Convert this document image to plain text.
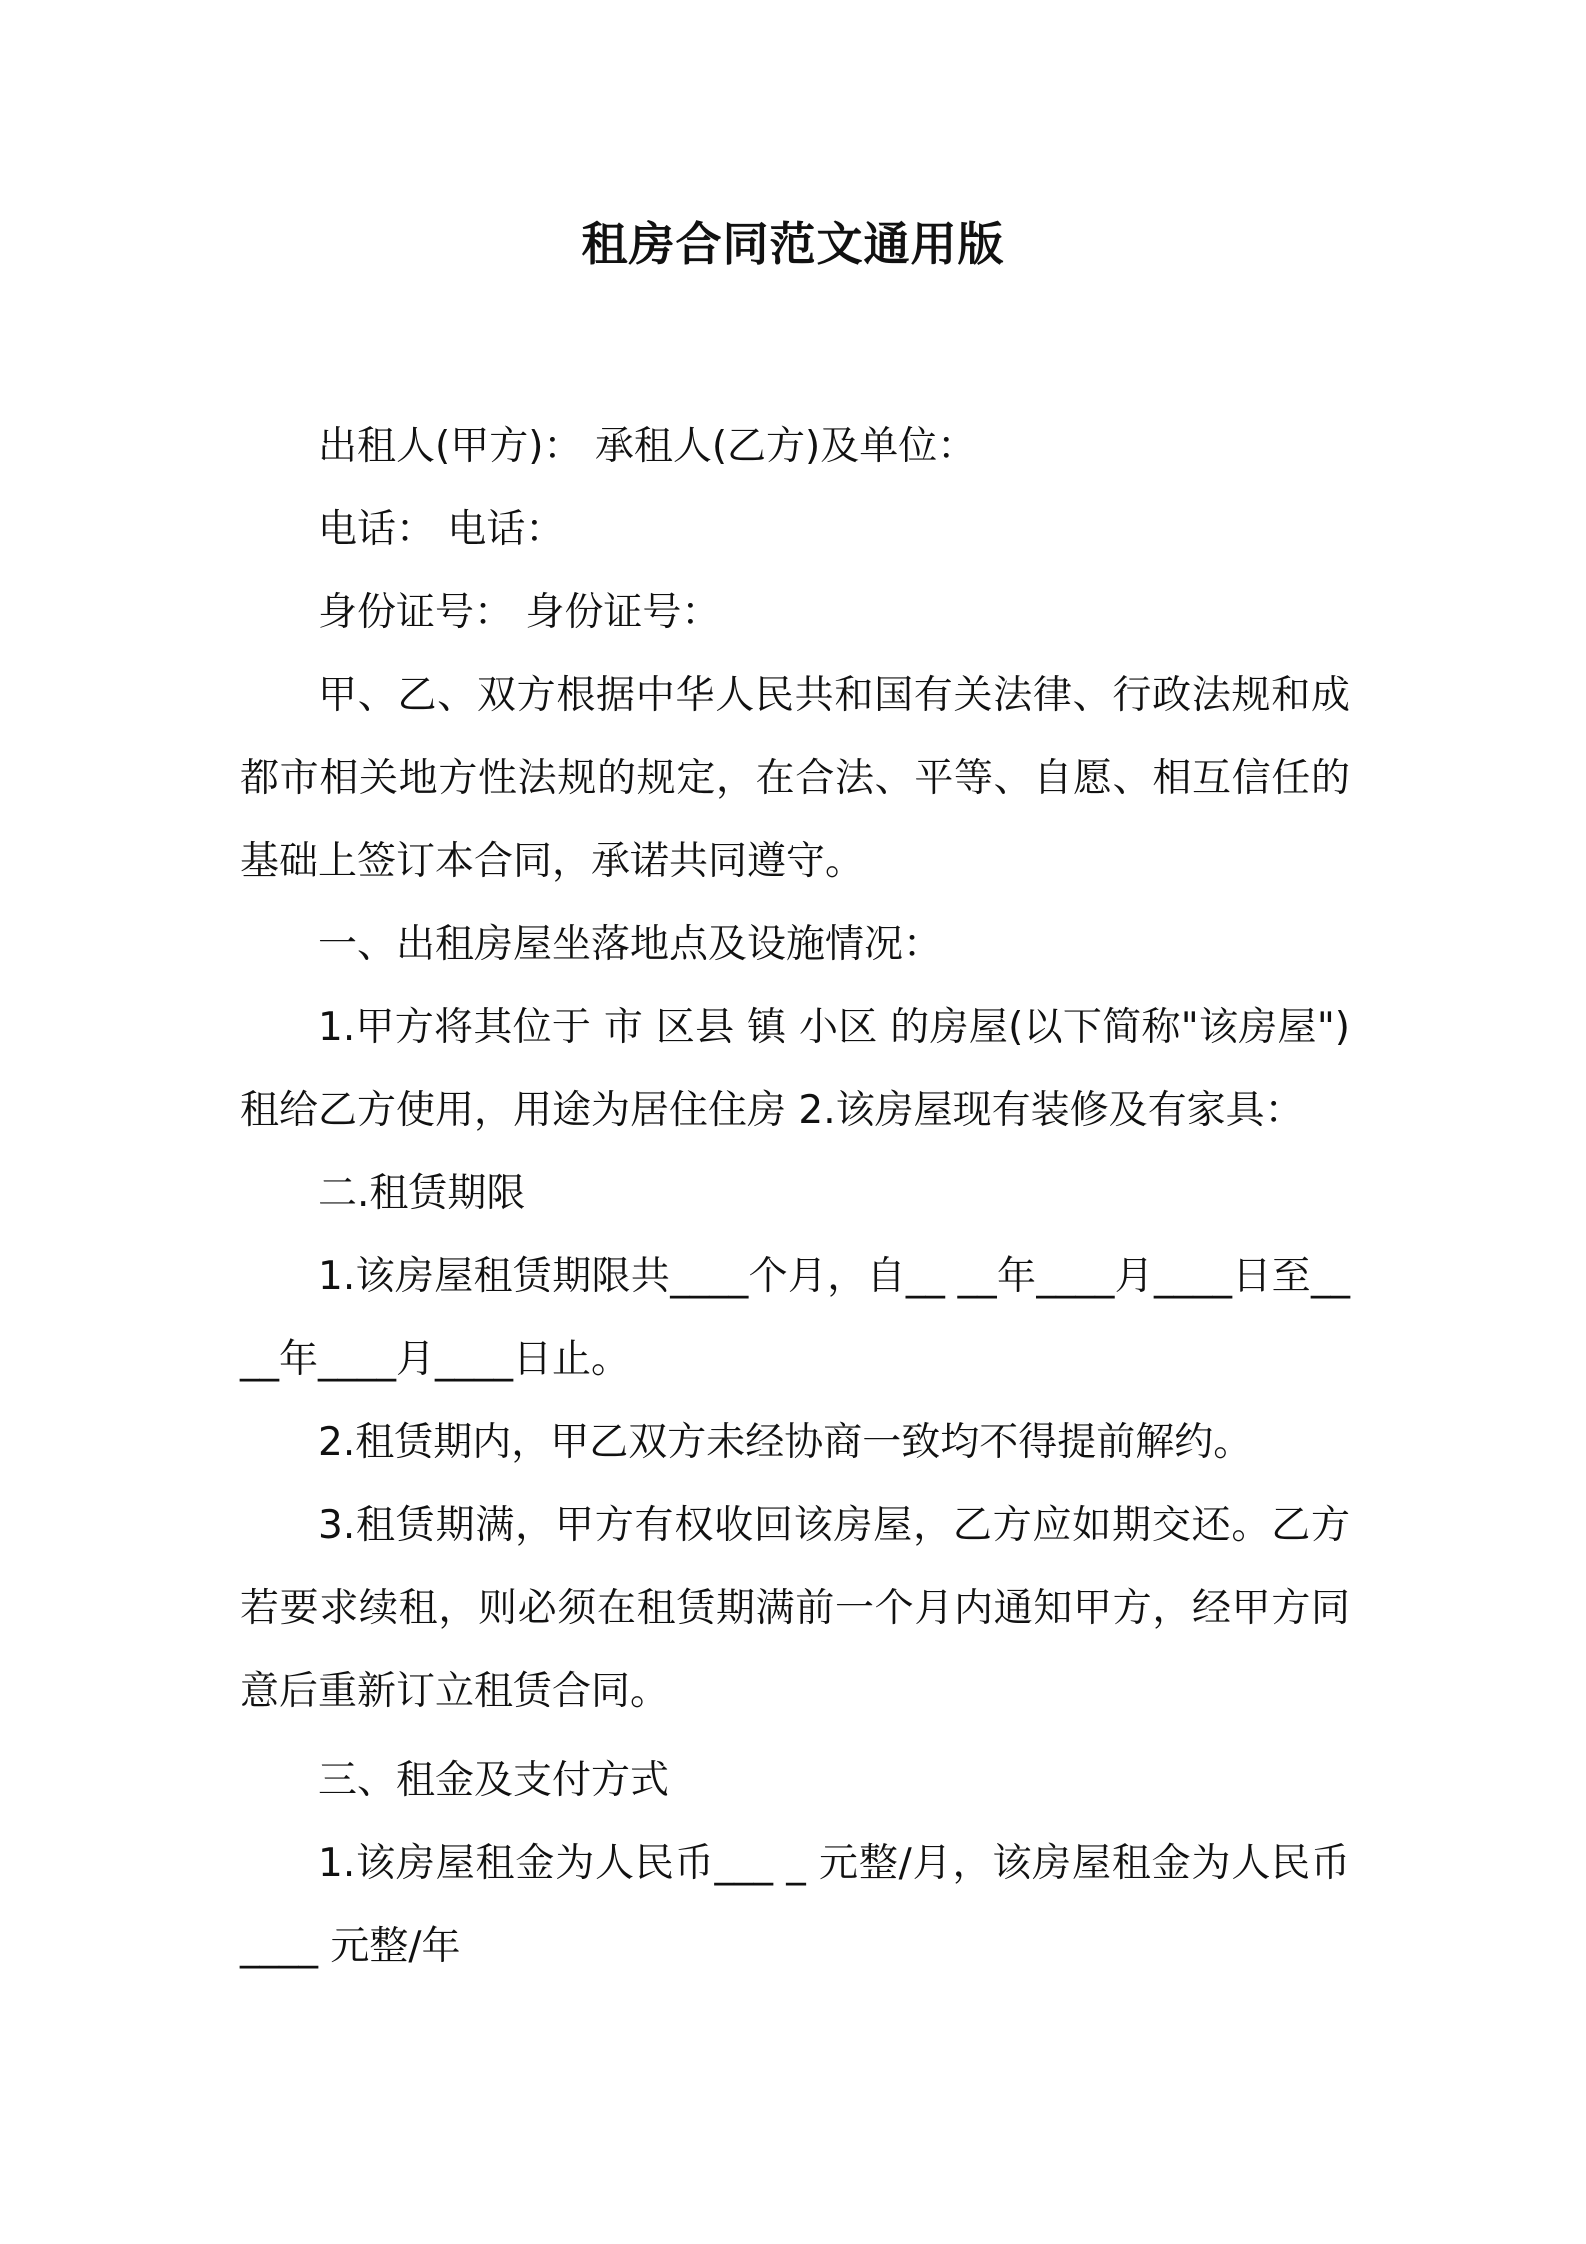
租房合同范文通用版

出租人(甲方)： 承租人(乙方)及单位：

电话： 电话：

身份证号： 身份证号：

甲、乙、双方根据中华人民共和国有关法律、行政法规和成都市相关地方性法规的规定，在合法、平等、自愿、相互信任的基础上签订本合同，承诺共同遵守。

一、出租房屋坐落地点及设施情况：

1.甲方将其位于 市 区县 镇 小区 的房屋(以下简称"该房屋")租给乙方使用，用途为居住住房 2.该房屋现有装修及有家具：

二.租赁期限

1.该房屋租赁期限共____个月，自__ __年____月____日至__ __年____月____日止。

2.租赁期内，甲乙双方未经协商一致均不得提前解约。

3.租赁期满，甲方有权收回该房屋，乙方应如期交还。乙方若要求续租，则必须在租赁期满前一个月内通知甲方，经甲方同意后重新订立租赁合同。

三、租金及支付方式

1.该房屋租金为人民币___ _ 元整/月，该房屋租金为人民币____ 元整/年
